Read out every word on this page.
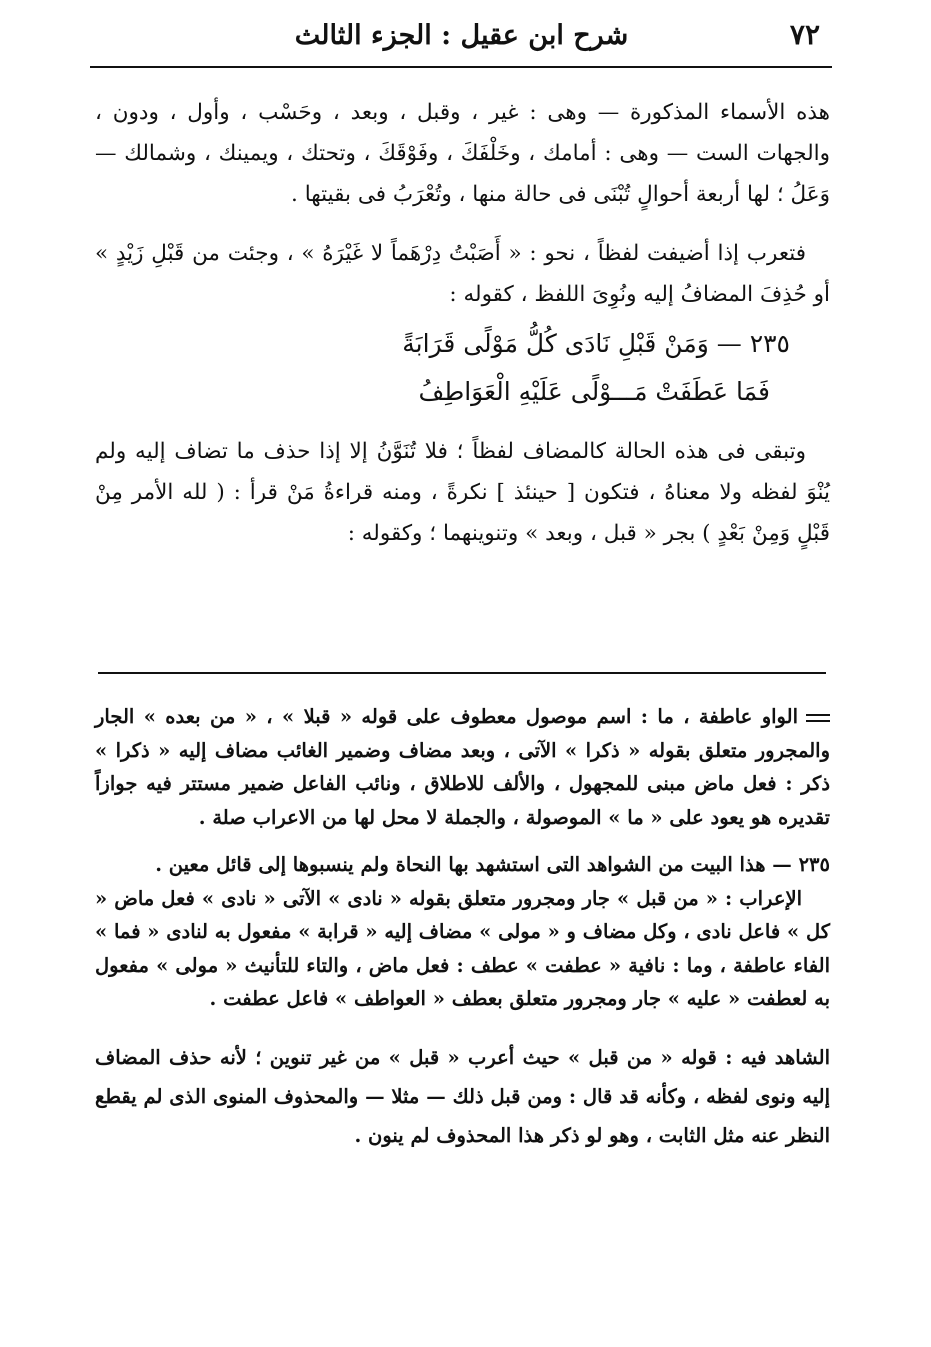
٧٢
شرح ابن عقيل : الجزء الثالث

هذه الأسماء المذكورة — وهى : غير ، وقبل ، وبعد ، وحَسْب ، وأول ، ودون ، والجهات الست — وهى : أمامك ، وخَلْفَكَ ، وفَوْقَكَ ، وتحتك ، ويمينك ، وشمالك — وَعَلُ ؛ لها أربعة أحوالٍ تُبْنَى فى حالة منها ، وتُعْرَبُ فى بقيتها .

فتعرب إذا أضيفت لفظاً ، نحو : « أَصَبْتُ دِرْهَماً لا غَيْرَهُ » ، وجئت من قَبْلِ زَيْدٍ » أو حُذِفَ المضافُ إليه ونُوِىَ اللفظ ، كقوله :

٢٣٥ — وَمَنْ قَبْلِ نَادَى كُلُّ مَوْلًى قَرَابَةً
فَمَا عَطَفَتْ مَـــوْلًى عَلَيْهِ الْعَوَاطِفُ

وتبقى فى هذه الحالة كالمضاف لفظاً ؛ فلا تُنَوَّنُ إلا إذا حذف ما تضاف إليه ولم يُنْوَ لفظه ولا معناهُ ، فتكون [ حينئذ ] نكرةً ، ومنه قراءةُ مَنْ قرأ : ( لله الأمر مِنْ قَبْلٍ وَمِنْ بَعْدٍ ) بجر « قبل ، وبعد » وتنوينهما ؛ وكقوله :

الواو عاطفة ، ما : اسم موصول معطوف على قوله « قبلا » ، « من بعده » الجار والمجرور متعلق بقوله « ذكرا » الآتى ، وبعد مضاف وضمير الغائب مضاف إليه « ذكرا » ذكر : فعل ماض مبنى للمجهول ، والألف للاطلاق ، ونائب الفاعل ضمير مستتر فيه جوازاً تقديره هو يعود على « ما » الموصولة ، والجملة لا محل لها من الاعراب صلة .

٢٣٥ — هذا البيت من الشواهد التى استشهد بها النحاة ولم ينسبوها إلى قائل معين .

الإعراب : « من قبل » جار ومجرور متعلق بقوله « نادى » الآتى « نادى » فعل ماض « كل » فاعل نادى ، وكل مضاف و « مولى » مضاف إليه « قرابة » مفعول به لنادى « فما » الفاء عاطفة ، وما : نافية « عطفت » عطف : فعل ماض ، والتاء للتأنيث « مولى » مفعول به لعطفت « عليه » جار ومجرور متعلق بعطف « العواطف » فاعل عطفت .

الشاهد فيه : قوله « من قبل » حيث أعرب « قبل » من غير تنوين ؛ لأنه حذف المضاف إليه ونوى لفظه ، وكأنه قد قال : ومن قبل ذلك — مثلا — والمحذوف المنوى الذى لم يقطع النظر عنه مثل الثابت ، وهو لو ذكر هذا المحذوف لم ينون .
